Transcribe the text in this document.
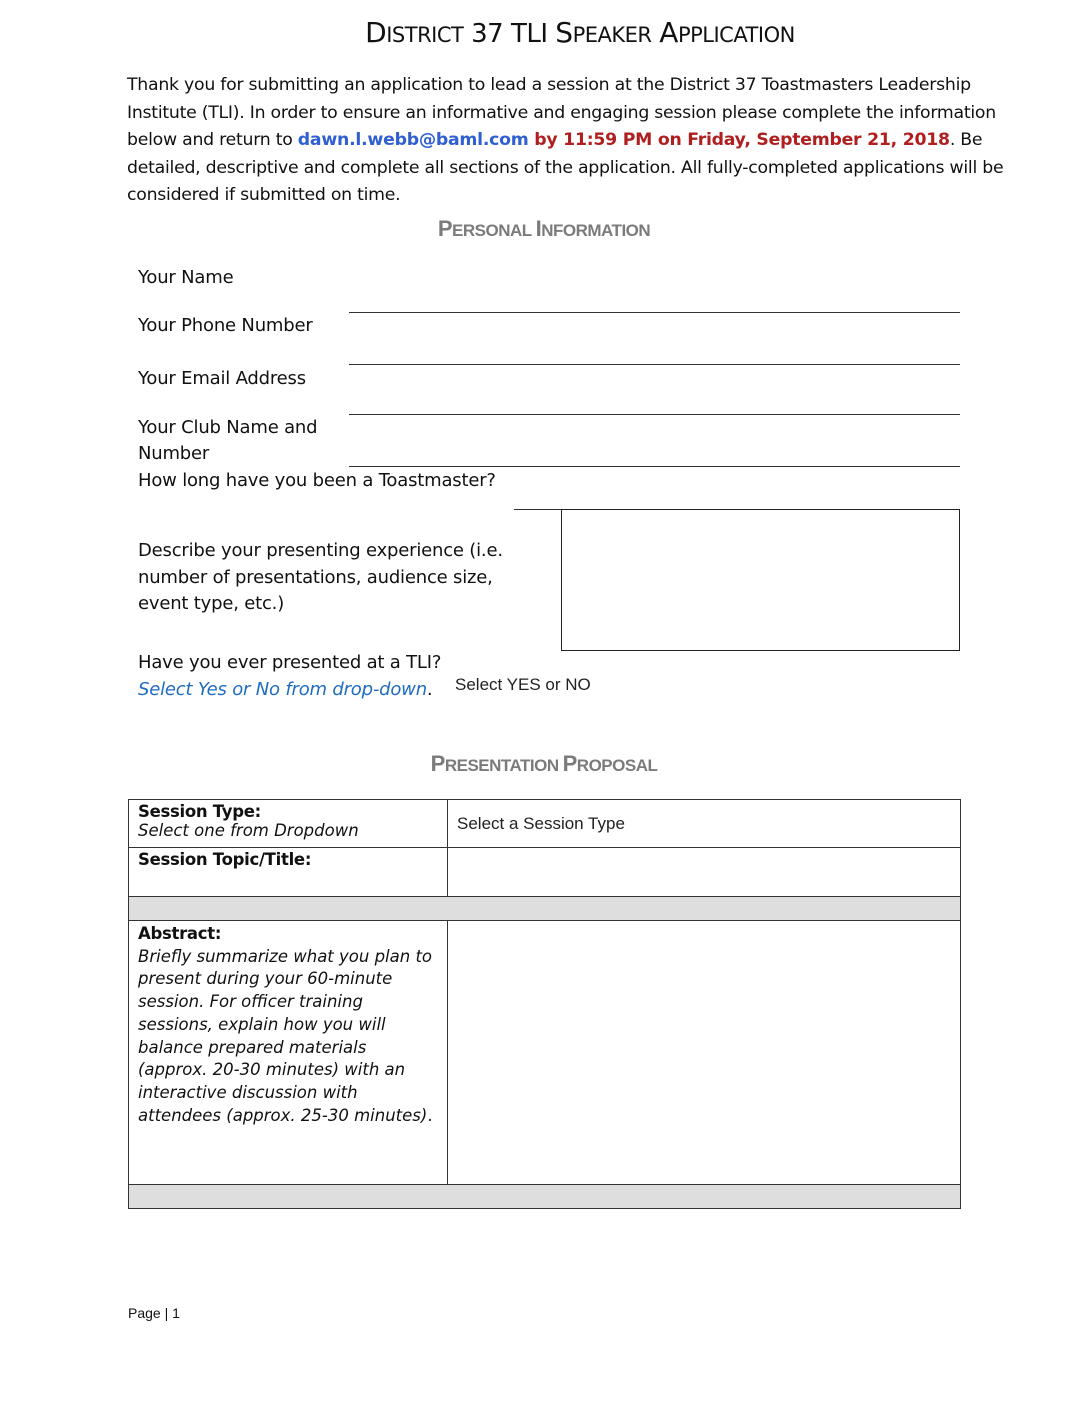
DISTRICT 37 TLI SPEAKER APPLICATION
Thank you for submitting an application to lead a session at the District 37 Toastmasters Leadership Institute (TLI). In order to ensure an informative and engaging session please complete the information below and return to dawn.l.webb@baml.com by 11:59 PM on Friday, September 21, 2018. Be detailed, descriptive and complete all sections of the application. All fully-completed applications will be considered if submitted on time.
PERSONAL INFORMATION
Your Name
Your Phone Number
Your Email Address
Your Club Name and
Number
How long have you been a Toastmaster?
Describe your presenting experience (i.e.
number of presentations, audience size,
event type, etc.)
Have you ever presented at a TLI?
Select Yes or No from drop-down. Select YES or NO
PRESENTATION PROPOSAL
Session Type:
Select one from Dropdown	Select a Session Type

Session Topic/Title:	

Abstract:
Briefly summarize what you plan to present during your 60-minute session. For officer training sessions, explain how you will balance prepared materials (approx. 20-30 minutes) with an interactive discussion with attendees (approx. 25-30 minutes).	

Page | 1
